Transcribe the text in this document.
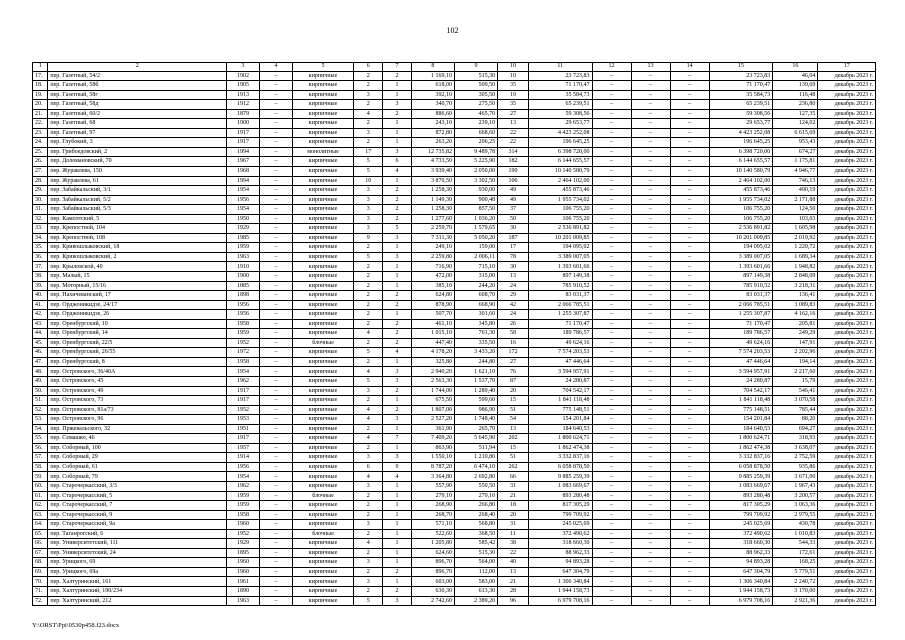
102
1	2	3	4	5	6	7	8	9	10	11	12	13	14	15	16	17
17.	пер. Газетный, 54/2	1902	–	кирпичные	2	2	1 169,10	515,30	10	23 723,83	–	–	–	23 723,83	46,04	декабрь 2023 г.
18.	пер. Газетный, 58б	1905	–	кирпичные	2	1	618,00	509,50	35	71 170,47	–	–	–	71 170,47	139,69	декабрь 2023 г.
19.	пер. Газетный, 58г	1913	–	кирпичные	3	1	392,10	305,50	19	35 584,73	–	–	–	35 584,73	116,48	декабрь 2023 г.
20.	пер. Газетный, 58д	1912	–	кирпичные	2	3	340,70	275,50	35	65 239,51	–	–	–	65 239,51	236,80	декабрь 2023 г.
21.	пер. Газетный, 60/2	1879	–	кирпичные	4	2	886,60	465,70	27	59 308,56	–	–	–	59 308,56	127,35	декабрь 2023 г.
22.	пер. Газетный, 68	1900	–	кирпичные	2	1	243,10	239,10	13	29 653,77	–	–	–	29 653,77	124,02	декабрь 2023 г.
23.	пер. Газетный, 97	1917	–	кирпичные	3	1	872,80	668,60	22	4 423 252,08	–	–	–	4 423 252,08	6 615,69	декабрь 2023 г.
24.	пер. Глубокий, 3	1917	–	кирпичные	2	1	263,20	206,25	22	196 645,25	–	–	–	196 645,25	953,43	декабрь 2023 г.
25.	пер. Грибоедовский, 2	1994	–	монолитные	17	3	12 735,82	9 489,78	314	6 398 720,00	–	–	–	6 398 720,00	674,27	декабрь 2023 г.
26.	пер. Доломановский, 70	1967	–	кирпичные	5	6	4 733,50	5 225,90	182	6 144 655,57	–	–	–	6 144 655,57	1 175,81	декабрь 2023 г.
27.	пер. Журавлева, 150	1968	–	кирпичные	5	4	3 939,40	2 050,00	190	10 140 580,79	–	–	–	10 140 580,79	4 946,77	декабрь 2023 г.
28.	пер. Журавлева, 61	1994	–	кирпичные	10	1	3 870,50	3 302,50	106	2 464 102,00	–	–	–	2 464 102,00	746,13	декабрь 2023 г.
29.	пер. Забайкальский, 3/1	1954	–	кирпичные	3	2	1 258,30	930,00	49	455 873,46	–	–	–	455 873,46	490,19	декабрь 2023 г.
30.	пер. Забайкальский, 5/2	1956	–	кирпичные	3	2	1 149,30	900,48	49	1 955 734,02	–	–	–	1 955 734,02	2 171,88	декабрь 2023 г.
31.	пер. Забайкальский, 5/3	1954	–	кирпичные	3	2	1 258,30	857,50	37	106 755,20	–	–	–	106 755,20	124,50	декабрь 2023 г.
32.	пер. Камолтский, 5	1950	–	кирпичные	3	2	1 277,60	1 036,20	50	106 755,20	–	–	–	106 755,20	103,03	декабрь 2023 г.
33.	пер. Крепостной, 104	1929	–	кирпичные	3	5	2 259,70	1 579,65	30	2 536 891,82	–	–	–	2 536 891,82	1 605,98	декабрь 2023 г.
34.	пер. Крепостной, 108	1985	–	кирпичные	9	3	7 311,30	5 050,20	187	10 201 009,85	–	–	–	10 201 009,85	2 019,92	декабрь 2023 г.
35.	пер. Кривошлыковский, 18	1959	–	кирпичные	2	1	249,10	159,00	17	194 095,02	–	–	–	194 095,02	1 220,72	декабрь 2023 г.
36.	пер. Кривошлыковский, 2	1963	–	кирпичные	5	3	2 259,80	2 006,11	78	3 389 007,05	–	–	–	3 389 007,05	1 689,34	декабрь 2023 г.
37.	пер. Крыловской, 40	1910	–	кирпичные	2	1	716,90	715,10	30	1 393 601,66	–	–	–	1 393 601,66	1 948,82	декабрь 2023 г.
38.	пер. Малый, 15	1900	–	кирпичные	2	1	472,00	315,00	13	897 149,38	–	–	–	897 149,38	2 848,09	декабрь 2023 г.
39.	пер. Моторный, 15/16	1885	–	кирпичные	2	1	385,10	244,20	24	785 910,52	–	–	–	785 910,52	3 218,31	декабрь 2023 г.
40.	пер. Нахичеванский, 17	1898	–	кирпичные	2	2	624,80	608,70	29	83 031,37	–	–	–	83 031,37	136,41	декабрь 2023 г.
41.	пер. Орджоникидзе, 24/17	1956	–	кирпичные	2	2	878,90	668,90	42	2 066 785,51	–	–	–	2 066 785,51	3 089,83	декабрь 2023 г.
42.	пер. Орджоникидзе, 26	1956	–	кирпичные	2	1	507,70	301,60	24	1 255 307,87	–	–	–	1 255 307,87	4 162,16	декабрь 2023 г.
43.	пер. Оренбургский, 10	1958	–	кирпичные	2	2	461,10	345,80	26	71 170,47	–	–	–	71 170,47	205,81	декабрь 2023 г.
44.	пер. Оренбургский, 14	1959	–	кирпичные	4	2	1 015,10	761,30	58	189 786,57	–	–	–	189 786,57	249,29	декабрь 2023 г.
45.	пер. Оренбургский, 22/5	1952	–	блочные	2	2	447,40	335,50	16	49 624,16	–	–	–	49 624,16	147,91	декабрь 2023 г.
46.	пер. Оренбургский, 26/55	1972	–	кирпичные	5	4	4 178,20	3 433,20	172	7 574 203,53	–	–	–	7 574 203,53	2 202,96	декабрь 2023 г.
47.	пер. Оренбургский, 8	1958	–	кирпичные	2	1	325,80	244,80	27	47 446,64	–	–	–	47 446,64	194,14	декабрь 2023 г.
48.	пер. Островского, 36/40А	1954	–	кирпичные	4	3	2 940,20	1 621,10	76	3 594 957,91	–	–	–	3 594 957,91	2 217,60	декабрь 2023 г.
49.	пер. Островского, 45	1962	–	кирпичные	5	3	2 563,30	1 537,70	87	24 280,87	–	–	–	24 280,87	15,79	декабрь 2023 г.
50.	пер. Островского, 49	1917	–	кирпичные	3	2	1 744,00	1 289,40	20	704 542,17	–	–	–	704 542,17	546,41	декабрь 2023 г.
51.	пер. Островского, 73	1917	–	кирпичные	2	1	675,50	599,60	15	1 841 118,48	–	–	–	1 841 118,48	3 070,58	декабрь 2023 г.
52.	пер. Островского, 81а/73	1952	–	кирпичные	4	2	1 807,00	986,90	51	775 148,51	–	–	–	775 148,51	785,44	декабрь 2023 г.
53.	пер. Островского, 96	1953	–	кирпичные	4	3	2 527,20	1 748,40	54	154 201,84	–	–	–	154 201,84	88,20	декабрь 2023 г.
54.	пер. Пржевальского, 32	1951	–	кирпичные	2	1	361,90	265,70	13	184 640,53	–	–	–	184 640,53	694,27	декабрь 2023 г.
55.	пер. Семашко, 46	1917	–	кирпичные	4	7	7 409,20	5 645,90	202	1 800 624,71	–	–	–	1 800 624,71	318,93	декабрь 2023 г.
56.	пер. Соборный, 100	1957	–	кирпичные	2	1	863,90	511,94	15	1 862 474,38	–	–	–	1 862 474,38	3 638,07	декабрь 2023 г.
57.	пер. Соборный, 29	1914	–	кирпичные	3	3	1 550,10	1 210,80	51	3 332 837,16	–	–	–	3 332 837,16	2 752,59	декабрь 2023 г.
58.	пер. Соборный, 61	1956	–	кирпичные	6	9	8 787,20	6 474,10	262	6 058 878,50	–	–	–	6 058 878,50	935,86	декабрь 2023 г.
59.	пер. Соборный, 79	1954	–	кирпичные	4	4	3 364,80	2 692,80	66	9 885 259,39	–	–	–	9 885 259,39	3 671,00	декабрь 2023 г.
60.	пер. Старочеркасский, 3/3	1962	–	кирпичные	3	1	557,90	550,50	31	1 083 669,67	–	–	–	1 083 669,67	1 967,43	декабрь 2023 г.
61.	пер. Старочеркасский, 5	1959	–	блочные	2	1	279,10	279,10	21	893 280,48	–	–	–	893 280,48	3 200,57	декабрь 2023 г.
62.	пер. Старочеркасский, 7	1959	–	кирпичные	2	1	268,90	266,80	18	817 305,29	–	–	–	817 305,29	3 063,36	декабрь 2023 г.
63.	пер. Старочеркасский, 9	1958	–	кирпичные	2	1	268,70	268,40	20	799 709,92	–	–	–	799 709,92	2 979,55	декабрь 2023 г.
64.	пер. Старочеркасский, 9а	1960	–	кирпичные	3	1	571,10	568,80	31	245 025,69	–	–	–	245 025,69	430,78	декабрь 2023 г.
65.	пер. Таганрогский, 6	1952	–	блочные	2	1	522,60	368,50	11	372 490,62	–	–	–	372 490,62	1 010,83	декабрь 2023 г.
66.	пер. Университетский, 111	1929	–	кирпичные	4	1	1 205,80	585,42	38	318 660,30	–	–	–	318 660,30	544,33	декабрь 2023 г.
67.	пер. Университетский, 24	1895	–	кирпичные	2	1	624,60	515,30	22	88 962,33	–	–	–	88 962,33	172,61	декабрь 2023 г.
68.	пер. Урицкого, 69	1960	–	кирпичные	3	1	896,70	564,00	40	94 893,28	–	–	–	94 893,28	168,25	декабрь 2023 г.
69.	пер. Урицкого, 69а	1960	–	кирпичные	2	2	896,70	112,00	13	647 304,79	–	–	–	647 304,79	5 779,51	декабрь 2023 г.
70.	пер. Халтуринский, 161	1961	–	кирпичные	3	1	603,00	583,00	21	1 306 340,84	–	–	–	1 306 340,84	2 240,72	декабрь 2023 г.
71.	пер. Халтуринский, 190/234	1890	–	кирпичные	2	2	630,30	613,30	28	1 944 158,73	–	–	–	1 944 158,73	3 170,00	декабрь 2023 г.
72.	пер. Халтуринский, 212	1963	–	кирпичные	5	3	2 742,60	2 389,20	96	6 979 708,16	–	–	–	6 979 708,16	2 921,36	декабрь 2023 г.
Y:\ORST\Ppi\0530p458.f23.docx
